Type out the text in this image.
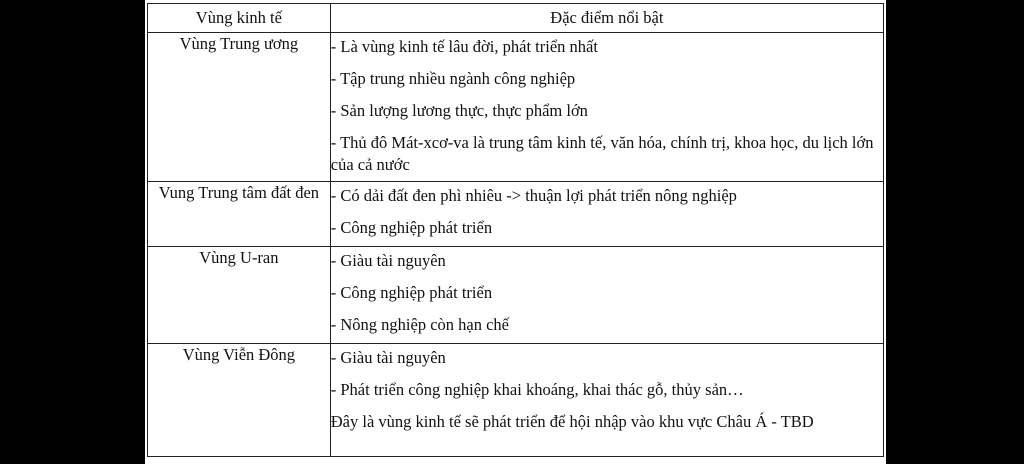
Vùng kinh tế	Đặc điểm nổi bật
Vùng Trung ương	- Là vùng kinh tế lâu đời, phát triển nhất
- Tập trung nhiều ngành công nghiệp
- Sản lượng lương thực, thực phẩm lớn
- Thủ đô Mát-xcơ-va là trung tâm kinh tế, văn hóa, chính trị, khoa học, du lịch lớn của cả nước

Vung Trung tâm đất đen	- Có dải đất đen phì nhiêu -> thuận lợi phát triển nông nghiệp
- Công nghiệp phát triển

Vùng U-ran	- Giàu tài nguyên
- Công nghiệp phát triển
- Nông nghiệp còn hạn chế

Vùng Viễn Đông	- Giàu tài nguyên
- Phát triển công nghiệp khai khoáng, khai thác gỗ, thủy sản…
Đây là vùng kinh tế sẽ phát triển để hội nhập vào khu vực Châu Á - TBD
